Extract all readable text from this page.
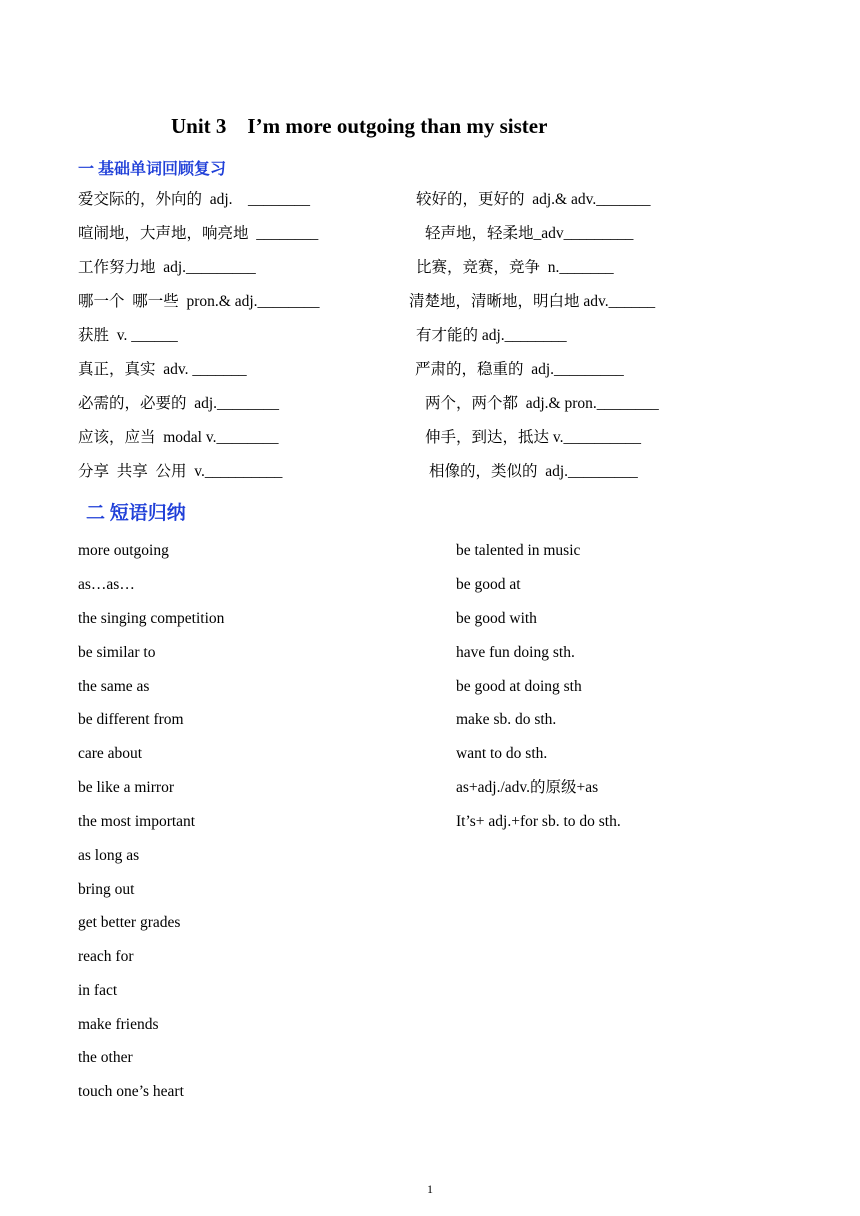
Unit 3    I’m more outgoing than my sister
一 基础单词回顾复习
爱交际的，外向的  adj.    ________
喧闹地，大声地，响亮地  ________
工作努力地  adj._________
哪一个  哪一些  pron.& adj.________
获胜  v. ______
真正，真实  adv. _______
必需的，必要的  adj.________
应该，应当  modal v.________
分享  共享  公用  v.__________
较好的，更好的  adj.& adv._______
轻声地，轻柔地_adv_________
比赛，竞赛，竞争  n._______
清楚地，清晰地，明白地 adv.______
有才能的 adj.________
严肃的，稳重的  adj._________
两个，两个都  adj.& pron.________
伸手，到达，抵达 v.__________
相像的，类似的  adj._________
二 短语归纳
more outgoing
as…as…
the singing competition
be similar to
the same as
be different from
care about
be like a mirror
the most important
as long as
bring out
get better grades
reach for
in fact
make friends
the other
touch one’s heart
be talented in music
be good at
be good with
have fun doing sth.
be good at doing sth
make sb. do sth.
want to do sth.
as+adj./adv.的原级+as
It’s+ adj.+for sb. to do sth.
1
